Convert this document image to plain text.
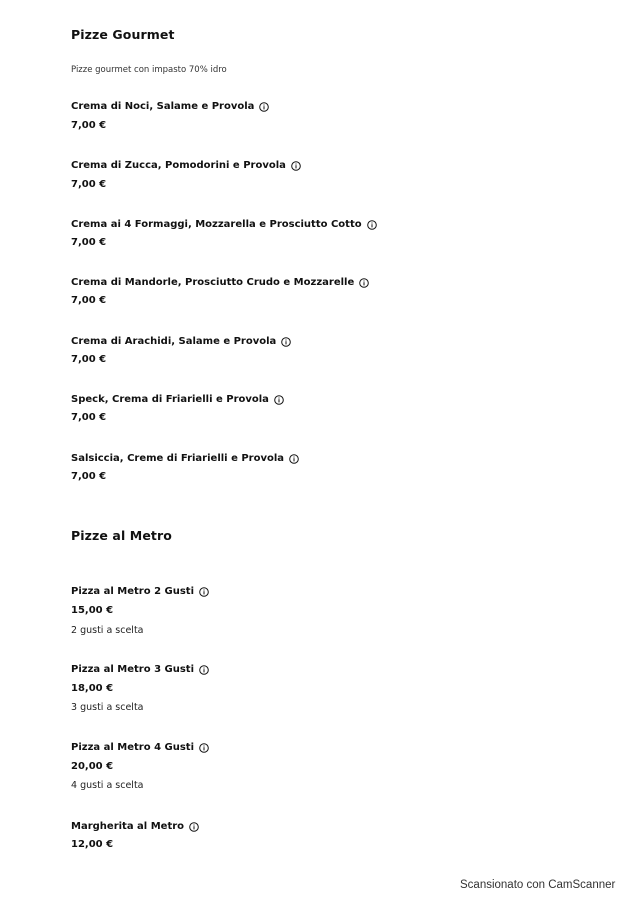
Pizze Gourmet
Pizze gourmet con impasto 70% idro
Crema di Noci, Salame e Provola
7,00 €
Crema di Zucca, Pomodorini e Provola
7,00 €
Crema ai 4 Formaggi, Mozzarella e Prosciutto Cotto
7,00 €
Crema di Mandorle, Prosciutto Crudo e Mozzarelle
7,00 €
Crema di Arachidi, Salame e Provola
7,00 €
Speck, Crema di Friarielli e Provola
7,00 €
Salsiccia, Creme di Friarielli e Provola
7,00 €
Pizze al Metro
Pizza al Metro 2 Gusti
15,00 €
2 gusti a scelta
Pizza al Metro 3 Gusti
18,00 €
3 gusti a scelta
Pizza al Metro 4 Gusti
20,00 €
4 gusti a scelta
Margherita al Metro
12,00 €
Scansionato con CamScanner
